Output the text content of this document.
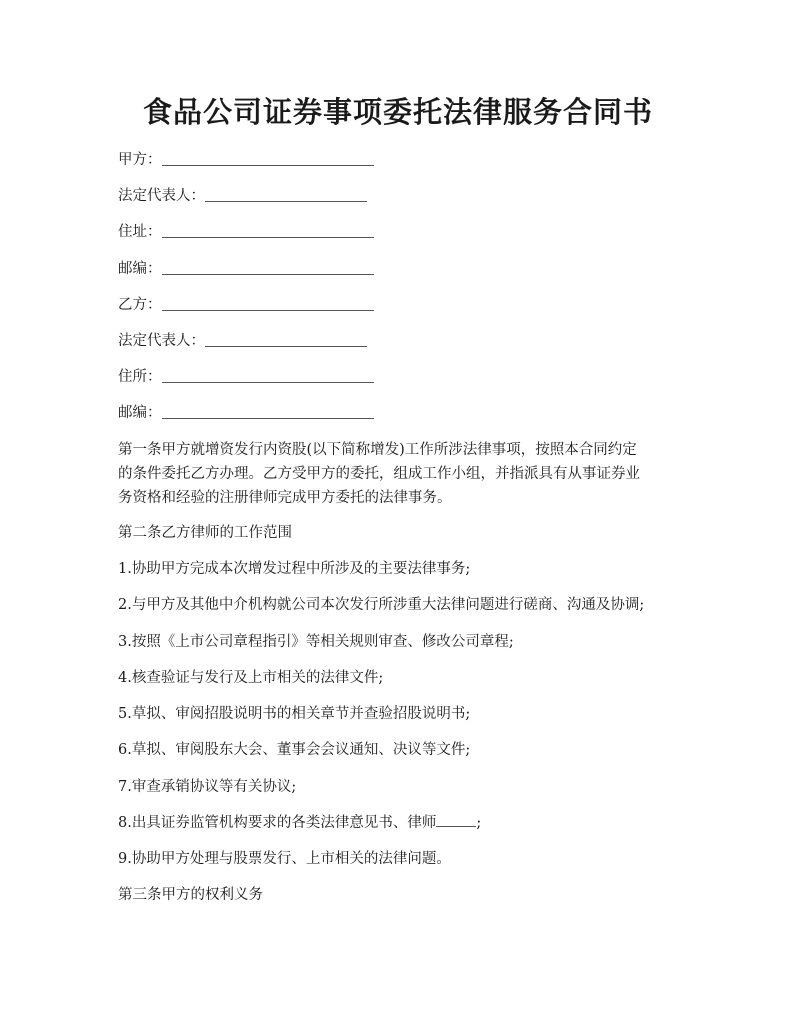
食品公司证券事项委托法律服务合同书
甲方：
法定代表人：
住址：
邮编：
乙方：
法定代表人：
住所：
邮编：

第一条甲方就增资发行内资股(以下简称增发)工作所涉法律事项，按照本合同约定

的条件委托乙方办理。乙方受甲方的委托，组成工作小组，并指派具有从事证券业

务资格和经验的注册律师完成甲方委托的法律事务。

第二条乙方律师的工作范围

1.协助甲方完成本次增发过程中所涉及的主要法律事务;

2.与甲方及其他中介机构就公司本次发行所涉重大法律问题进行磋商、沟通及协调;

3.按照《上市公司章程指引》等相关规则审查、修改公司章程;

4.核查验证与发行及上市相关的法律文件;

5.草拟、审阅招股说明书的相关章节并查验招股说明书;

6.草拟、审阅股东大会、董事会会议通知、决议等文件;

7.审查承销协议等有关协议;

8.出具证券监管机构要求的各类法律意见书、律师	;

9.协助甲方处理与股票发行、上市相关的法律问题。

第三条甲方的权利义务
